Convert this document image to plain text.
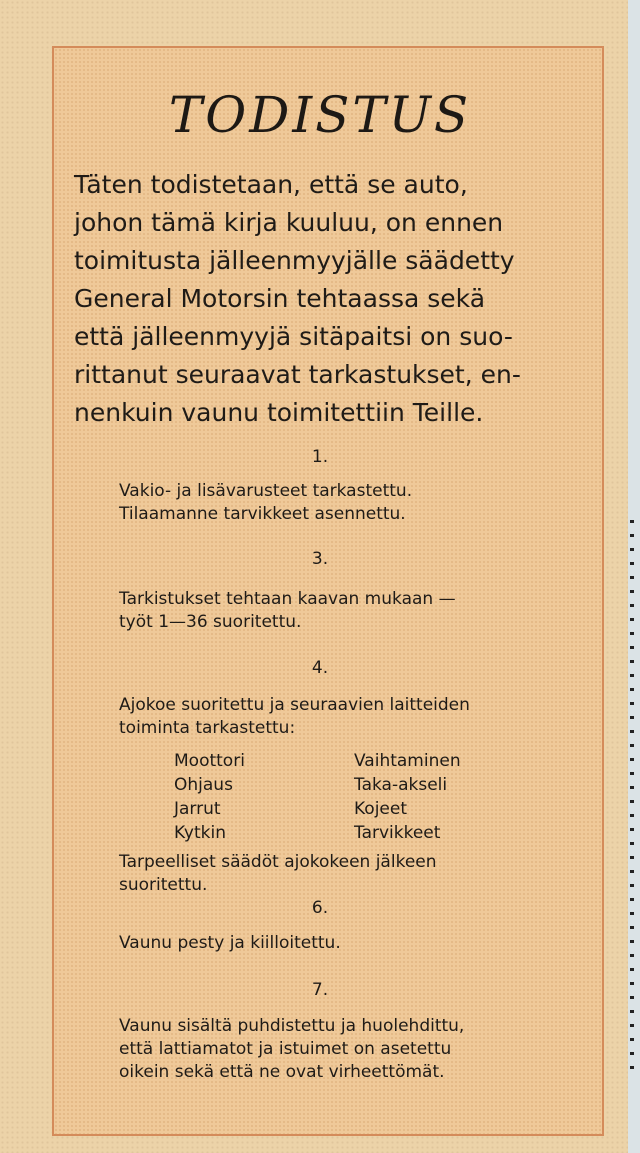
TODISTUS
Täten todistetaan, että se auto,
johon tämä kirja kuuluu, on ennen
toimitusta jälleenmyyjälle säädetty
General Motorsin tehtaassa sekä
että jälleenmyyjä sitäpaitsi on suo-
rittanut seuraavat tarkastukset, en-
nenkuin vaunu toimitettiin Teille.
1.
Vakio- ja lisävarusteet tarkastettu.
Tilaamanne tarvikkeet asennettu.
3.
Tarkistukset tehtaan kaavan mukaan —
työt 1—36 suoritettu.
4.
Ajokoe suoritettu ja seuraavien laitteiden
toiminta tarkastettu:
Moottori
Ohjaus
Jarrut
Kytkin
Vaihtaminen
Taka-akseli
Kojeet
Tarvikkeet
Tarpeelliset säädöt ajokokeen jälkeen
suoritettu.
6.
Vaunu pesty ja kiilloitettu.
7.
Vaunu sisältä puhdistettu ja huolehdittu,
että lattiamatot ja istuimet on asetettu
oikein sekä että ne ovat virheettömät.
